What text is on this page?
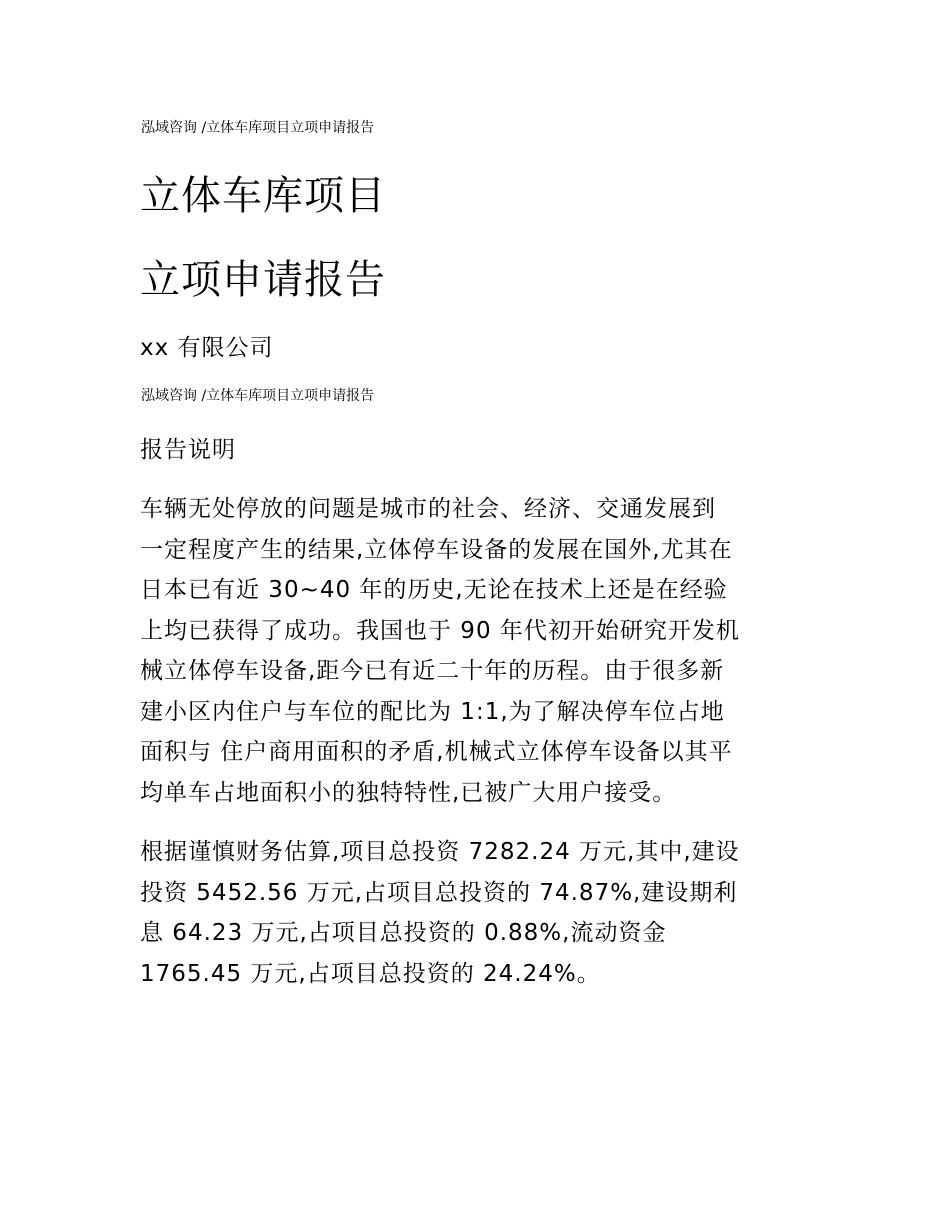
泓域咨询 /立体车库项目立项申请报告
立体车库项目
立项申请报告
xx 有限公司
泓域咨询 /立体车库项目立项申请报告
报告说明
车辆无处停放的问题是城市的社会、经济、交通发展到
一定程度产生的结果,立体停车设备的发展在国外,尤其在
日本已有近 30~40 年的历史,无论在技术上还是在经验
上均已获得了成功。我国也于 90 年代初开始研究开发机
械立体停车设备,距今已有近二十年的历程。由于很多新
建小区内住户与车位的配比为 1:1,为了解决停车位占地
面积与 住户商用面积的矛盾,机械式立体停车设备以其平
均单车占地面积小的独特特性,已被广大用户接受。
根据谨慎财务估算,项目总投资 7282.24 万元,其中,建设
投资 5452.56 万元,占项目总投资的 74.87%,建设期利
息 64.23 万元,占项目总投资的 0.88%,流动资金
1765.45 万元,占项目总投资的 24.24%。
